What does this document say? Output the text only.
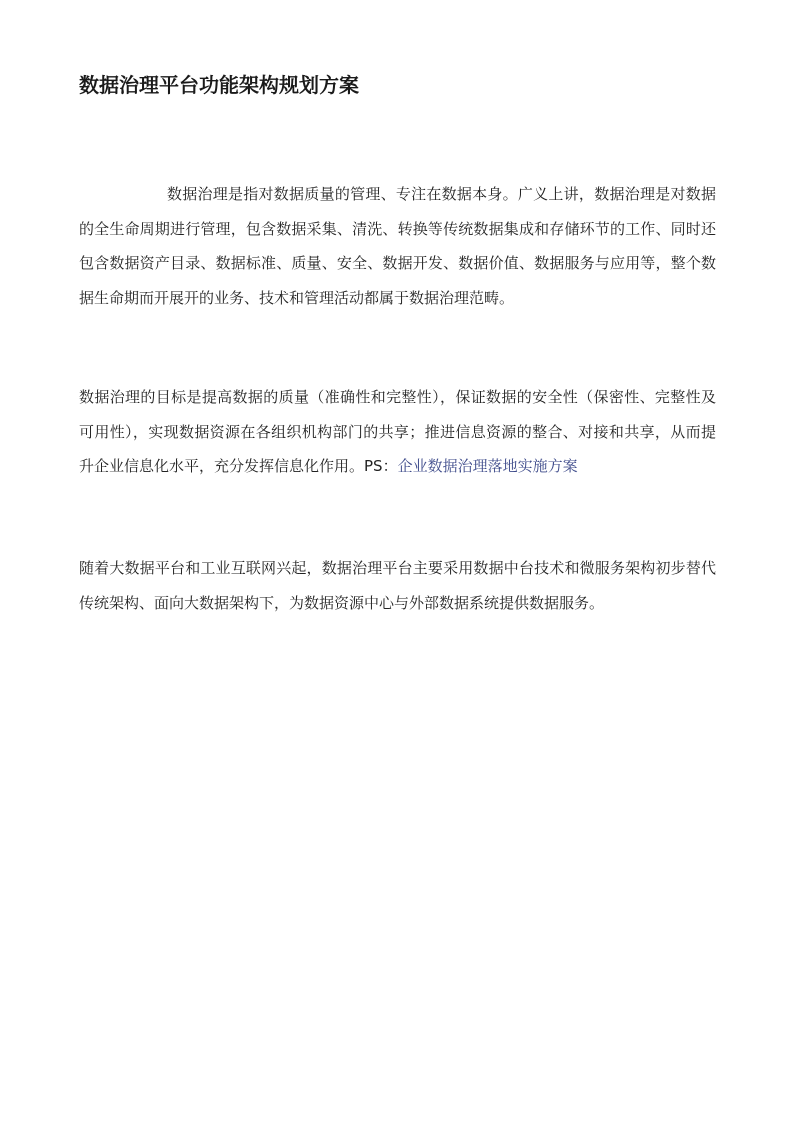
数据治理平台功能架构规划方案

数据治理是指对数据质量的管理、专注在数据本身。广义上讲，数据治理是对数据的全生命周期进行管理，包含数据采集、清洗、转换等传统数据集成和存储环节的工作、同时还包含数据资产目录、数据标准、质量、安全、数据开发、数据价值、数据服务与应用等，整个数据生命期而开展开的业务、技术和管理活动都属于数据治理范畴。

数据治理的目标是提高数据的质量（准确性和完整性），保证数据的安全性（保密性、完整性及可用性），实现数据资源在各组织机构部门的共享；推进信息资源的整合、对接和共享，从而提升企业信息化水平，充分发挥信息化作用。PS：企业数据治理落地实施方案

随着大数据平台和工业互联网兴起，数据治理平台主要采用数据中台技术和微服务架构初步替代传统架构、面向大数据架构下，为数据资源中心与外部数据系统提供数据服务。
